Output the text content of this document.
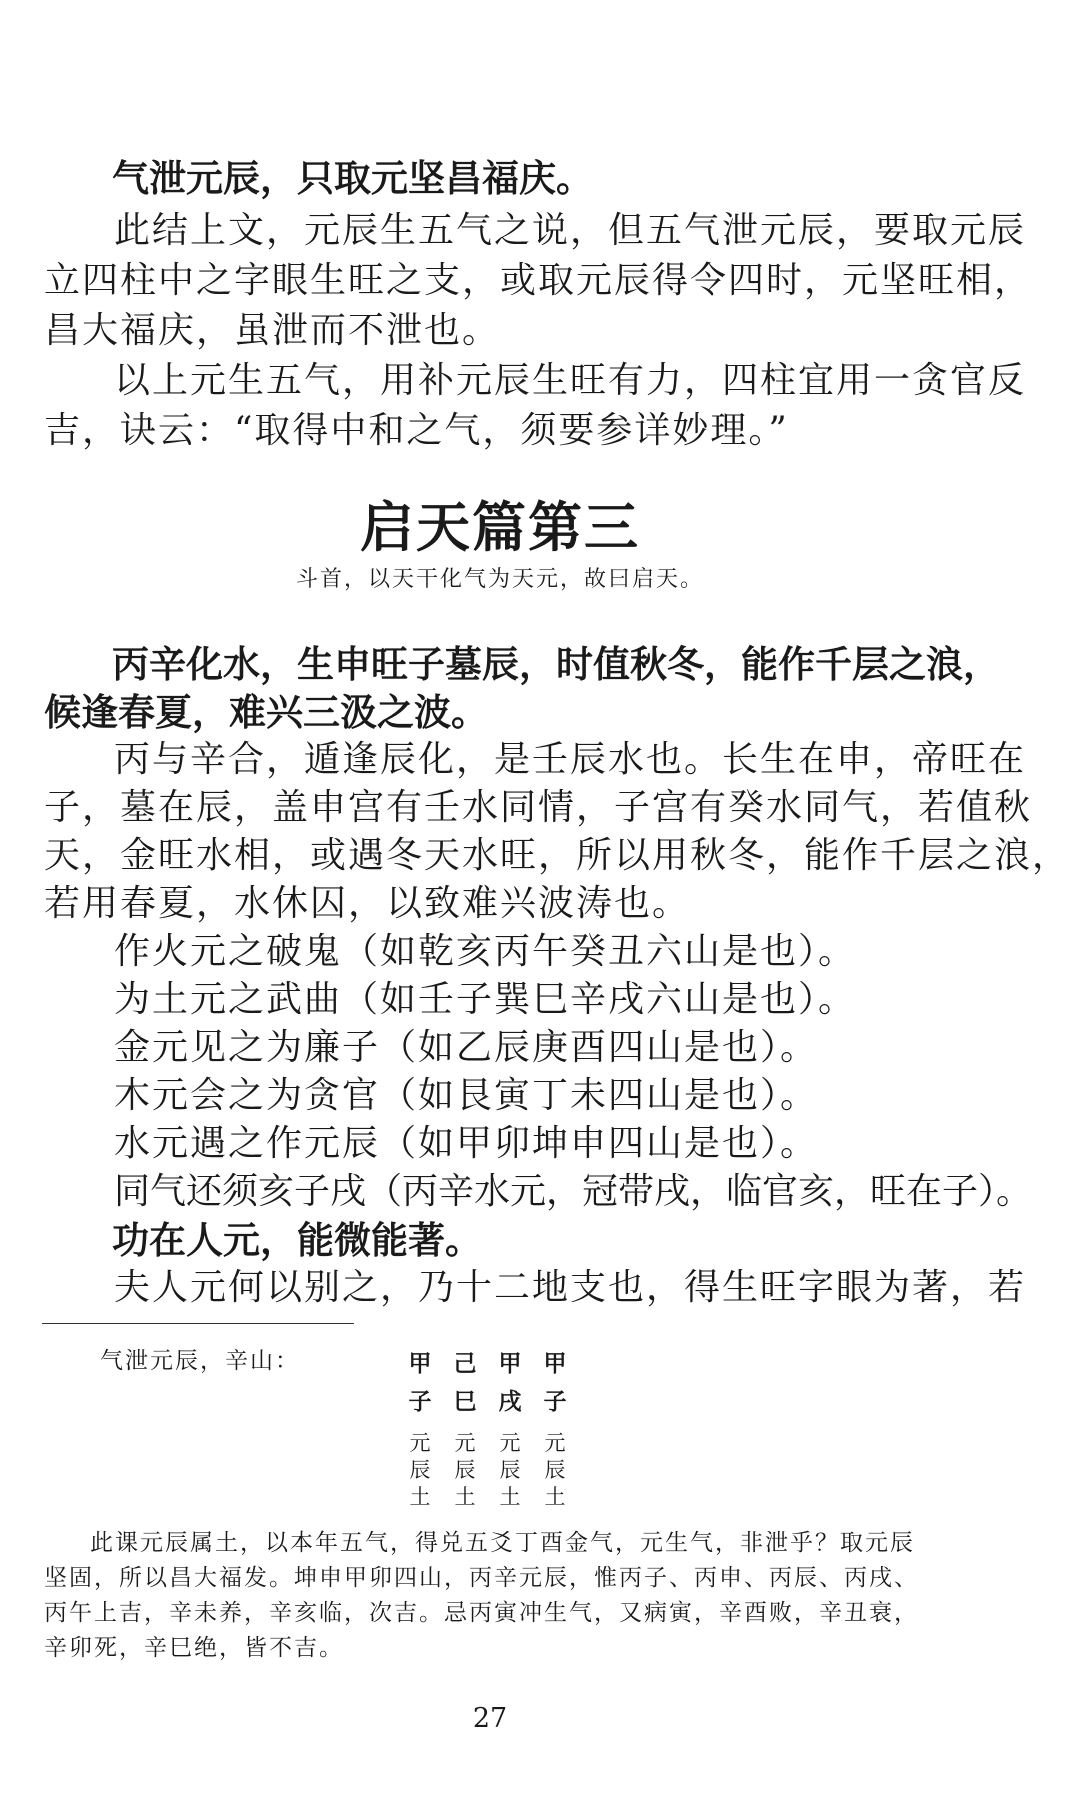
气泄元辰，只取元坚昌福庆。
此结上文，元辰生五气之说，但五气泄元辰，要取元辰
立四柱中之字眼生旺之支，或取元辰得令四时，元坚旺相，
昌大福庆，虽泄而不泄也。
以上元生五气，用补元辰生旺有力，四柱宜用一贪官反
吉，诀云：“取得中和之气，须要参详妙理。”
启天篇第三
斗首，以天干化气为天元，故曰启天。
丙辛化水，生申旺子墓辰，时值秋冬，能作千层之浪，
候逢春夏，难兴三汲之波。
丙与辛合，遁逢辰化，是壬辰水也。长生在申，帝旺在
子，墓在辰，盖申宫有壬水同情，子宫有癸水同气，若值秋
天，金旺水相，或遇冬天水旺，所以用秋冬，能作千层之浪，
若用春夏，水休囚，以致难兴波涛也。
作火元之破鬼（如乾亥丙午癸丑六山是也）。
为土元之武曲（如壬子巽巳辛戌六山是也）。
金元见之为廉子（如乙辰庚酉四山是也）。
木元会之为贪官（如艮寅丁未四山是也）。
水元遇之作元辰（如甲卯坤申四山是也）。
同气还须亥子戌（丙辛水元，冠带戌，临官亥，旺在子）。
功在人元，能微能著。
夫人元何以别之，乃十二地支也，得生旺字眼为著，若
气泄元辰，辛山：	甲 己 甲 甲
子 巳 戌 子
元	元	元	元
辰	辰	辰	辰
土	土	土	土
此课元辰属土，以本年五气，得兑五爻丁酉金气，元生气，非泄乎？取元辰
坚固，所以昌大福发。坤申甲卯四山，丙辛元辰，惟丙子、丙申、丙辰、丙戌、
丙午上吉，辛未养，辛亥临，次吉。忌丙寅冲生气，又病寅，辛酉败，辛丑衰，
辛卯死，辛巳绝，皆不吉。
27
